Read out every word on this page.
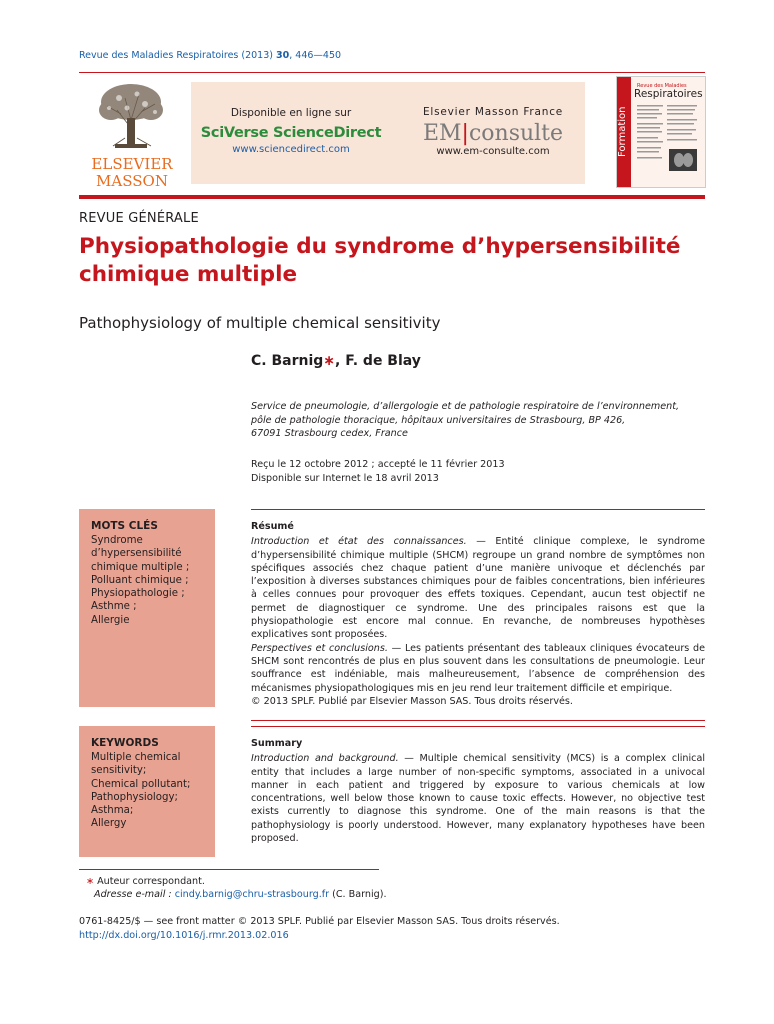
Revue des Maladies Respiratoires (2013) 30, 446—450
ELSEVIER
MASSON
Disponible en ligne sur
SciVerse ScienceDirect
www.sciencedirect.com
Elsevier Masson France
EM|consulte
www.em-consulte.com	Formation
Revue des Maladies
Respiratoires
REVUE GÉNÉRALE
Physiopathologie du syndrome d’hypersensibilité chimique multiple
Pathophysiology of multiple chemical sensitivity
C. Barnig∗, F. de Blay
Service de pneumologie, d’allergologie et de pathologie respiratoire de l’environnement,
pôle de pathologie thoracique, hôpitaux universitaires de Strasbourg, BP 426,
67091 Strasbourg cedex, France
Reçu le 12 octobre 2012 ; accepté le 11 février 2013
Disponible sur Internet le 18 avril 2013
MOTS CLÉS
Syndrome
d’hypersensibilité
chimique multiple ;
Polluant chimique ;
Physiopathologie ;
Asthme ;
Allergie
Résumé

Introduction et état des connaissances. — Entité clinique complexe, le syndrome d’hypersensibilité chimique multiple (SHCM) regroupe un grand nombre de symptômes non spécifiques associés chez chaque patient d’une manière univoque et déclenchés par l’exposition à diverses substances chimiques pour de faibles concentrations, bien inférieures à celles connues pour provoquer des effets toxiques. Cependant, aucun test objectif ne permet de diagnostiquer ce syndrome. Une des principales raisons est que la physiopathologie est encore mal connue. En revanche, de nombreuses hypothèses explicatives sont proposées.

Perspectives et conclusions. — Les patients présentant des tableaux cliniques évocateurs de SHCM sont rencontrés de plus en plus souvent dans les consultations de pneumologie. Leur souffrance est indéniable, mais malheureusement, l’absence de compréhension des mécanismes physiopathologiques mis en jeu rend leur traitement difficile et empirique.

© 2013 SPLF. Publié par Elsevier Masson SAS. Tous droits réservés.

KEYWORDS
Multiple chemical
sensitivity;
Chemical pollutant;
Pathophysiology;
Asthma;
Allergy
Summary

Introduction and background. — Multiple chemical sensitivity (MCS) is a complex clinical entity that includes a large number of non-specific symptoms, associated in a univocal manner in each patient and triggered by exposure to various chemicals at low concentrations, well below those known to cause toxic effects. However, no objective test exists currently to diagnose this syndrome. One of the main reasons is that the pathophysiology is poorly understood. However, many explanatory hypotheses have been proposed.

∗ Auteur correspondant.
Adresse e-mail : cindy.barnig@chru-strasbourg.fr (C. Barnig).
0761-8425/$ — see front matter © 2013 SPLF. Publié par Elsevier Masson SAS. Tous droits réservés.
http://dx.doi.org/10.1016/j.rmr.2013.02.016
